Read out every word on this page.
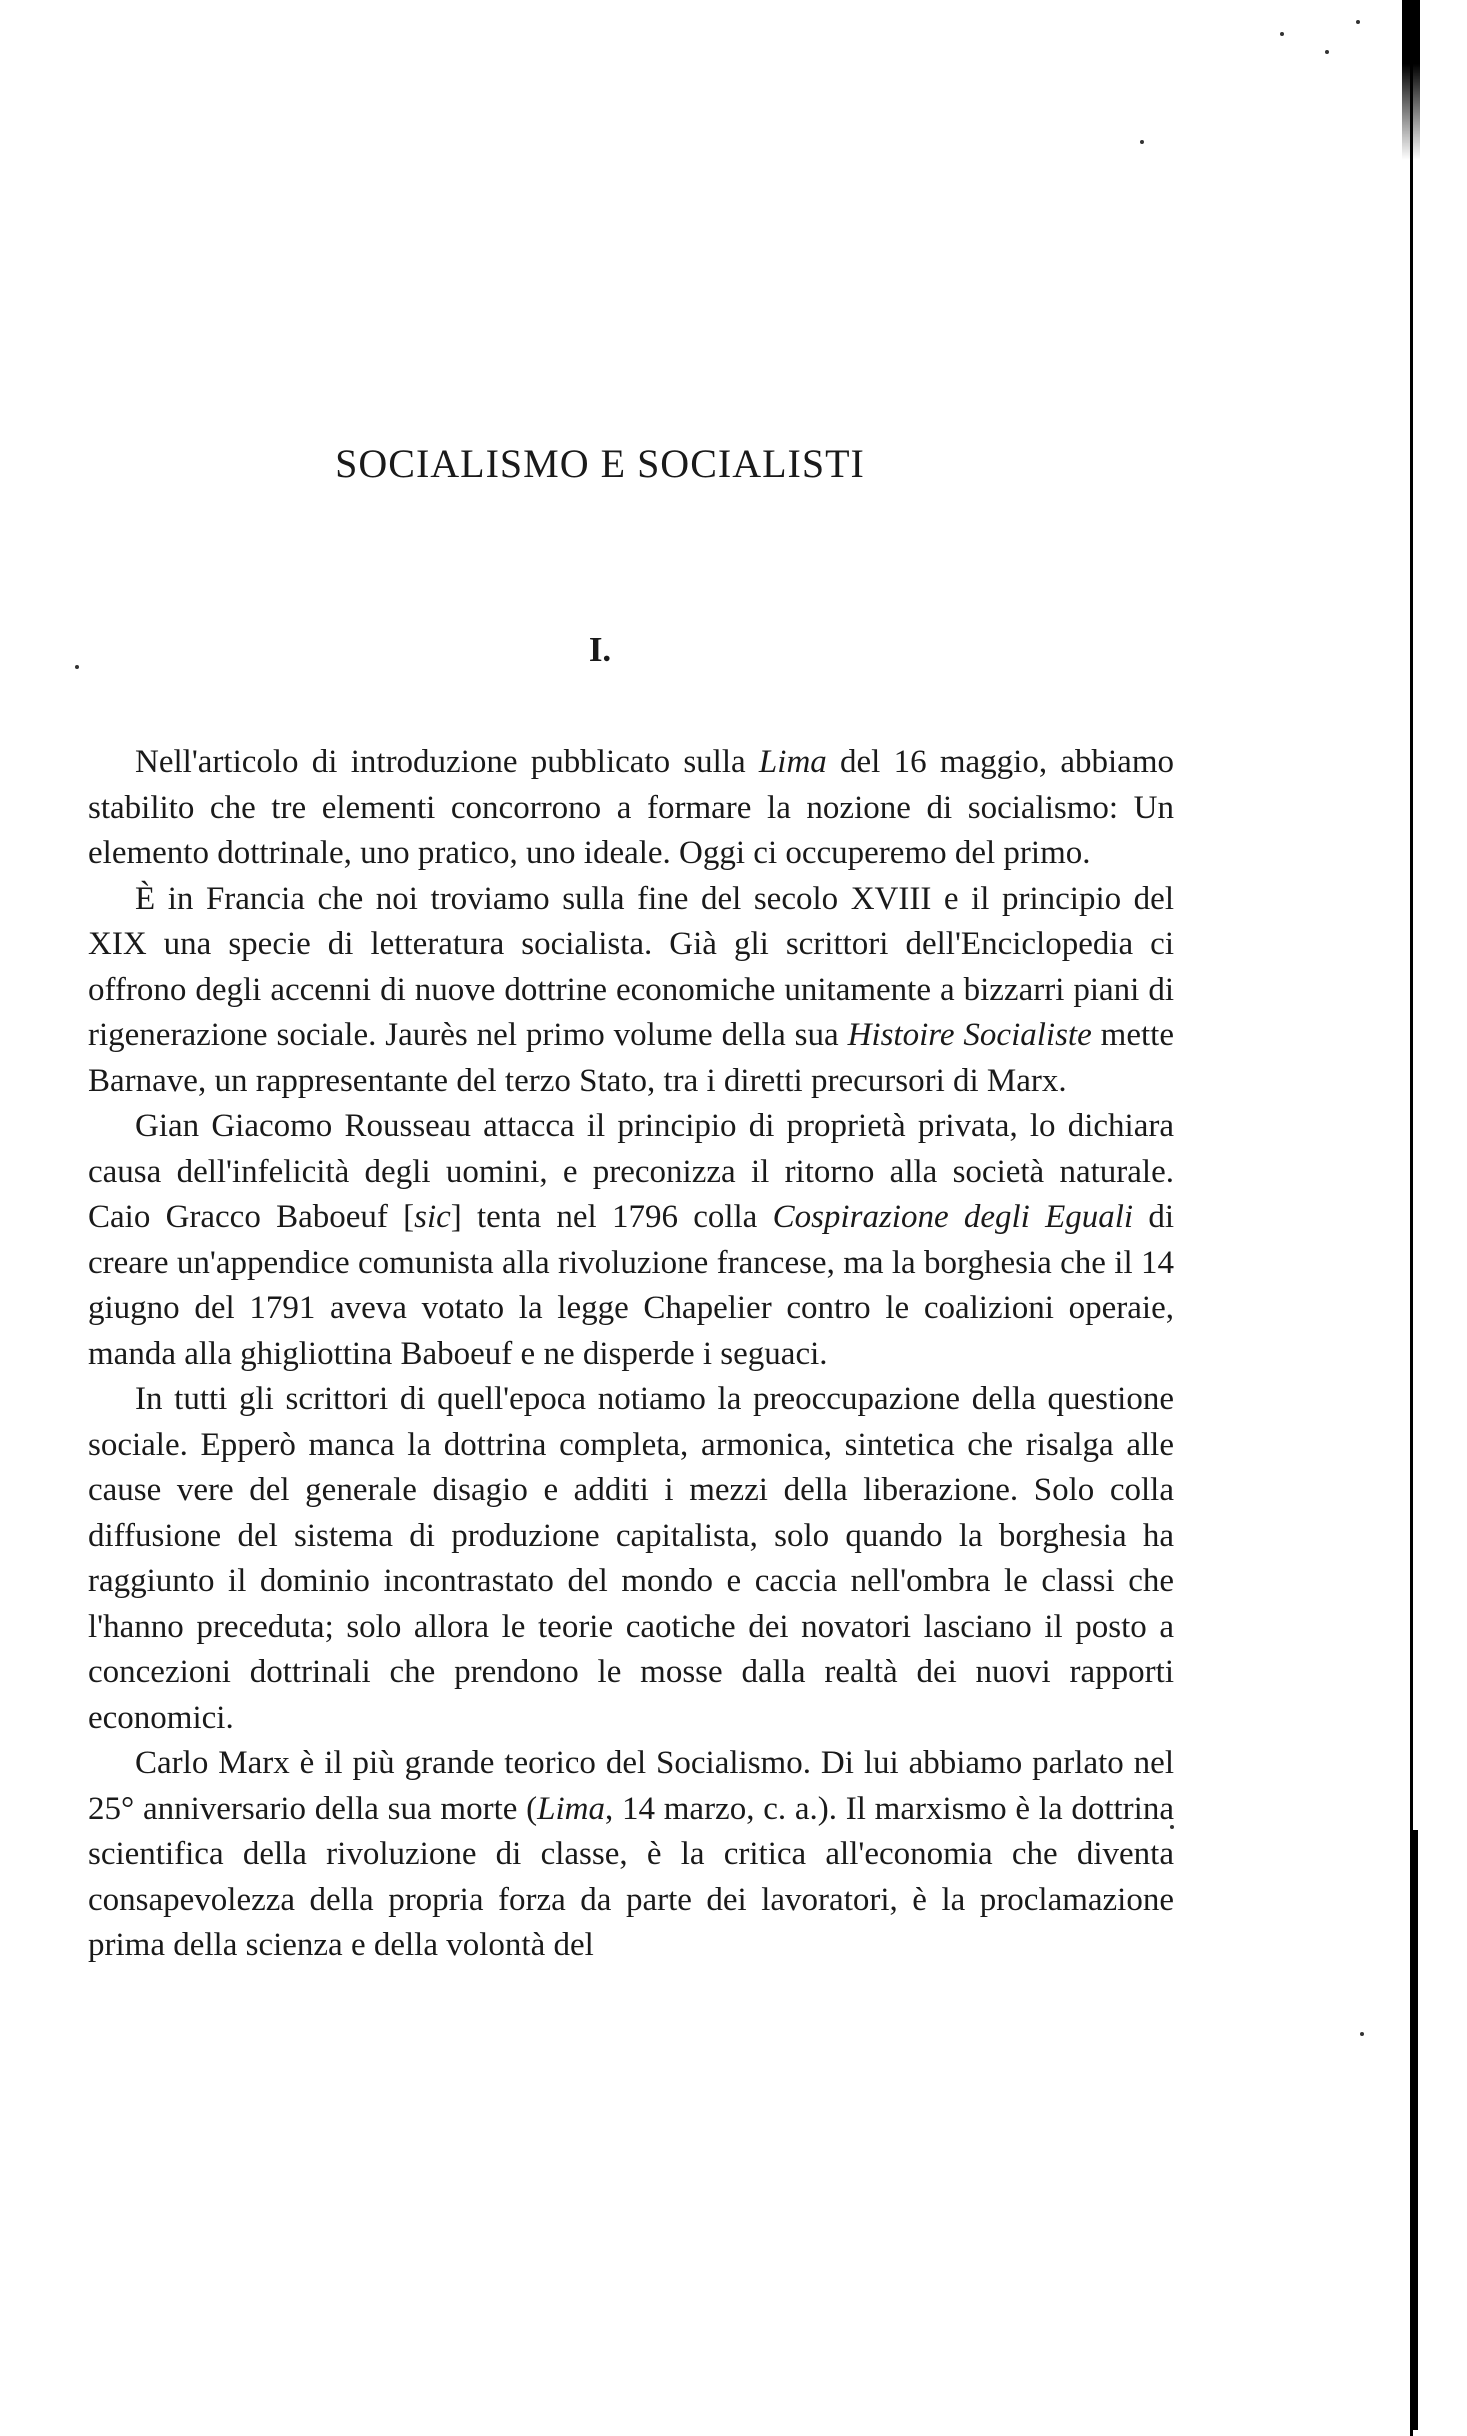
SOCIALISMO E SOCIALISTI
I.

Nell'articolo di introduzione pubblicato sulla Lima del 16 maggio, abbiamo stabilito che tre elementi concorrono a formare la nozione di socialismo: Un elemento dottrinale, uno pratico, uno ideale. Oggi ci occuperemo del primo.

È in Francia che noi troviamo sulla fine del secolo XVIII e il principio del XIX una specie di letteratura socialista. Già gli scrittori dell'Enciclopedia ci offrono degli accenni di nuove dottrine economiche unitamente a bizzarri piani di rigenerazione sociale. Jaurès nel primo volume della sua Histoire Socialiste mette Barnave, un rappresentante del terzo Stato, tra i diretti precursori di Marx.

Gian Giacomo Rousseau attacca il principio di proprietà privata, lo dichiara causa dell'infelicità degli uomini, e preconizza il ritorno alla società naturale. Caio Gracco Baboeuf [sic] tenta nel 1796 colla Cospirazione degli Eguali di creare un'appendice comunista alla rivoluzione francese, ma la borghesia che il 14 giugno del 1791 aveva votato la legge Chapelier contro le coalizioni operaie, manda alla ghigliottina Baboeuf e ne disperde i seguaci.

In tutti gli scrittori di quell'epoca notiamo la preoccupazione della questione sociale. Epperò manca la dottrina completa, armonica, sintetica che risalga alle cause vere del generale disagio e additi i mezzi della liberazione. Solo colla diffusione del sistema di produzione capitalista, solo quando la borghesia ha raggiunto il dominio incontrastato del mondo e caccia nell'ombra le classi che l'hanno preceduta; solo allora le teorie caotiche dei novatori lasciano il posto a concezioni dottrinali che prendono le mosse dalla realtà dei nuovi rapporti economici.

Carlo Marx è il più grande teorico del Socialismo. Di lui abbiamo parlato nel 25° anniversario della sua morte (Lima, 14 marzo, c. a.). Il marxismo è la dottrina scientifica della rivoluzione di classe, è la critica all'economia che diventa consapevolezza della propria forza da parte dei lavoratori, è la proclamazione prima della scienza e della volontà del
